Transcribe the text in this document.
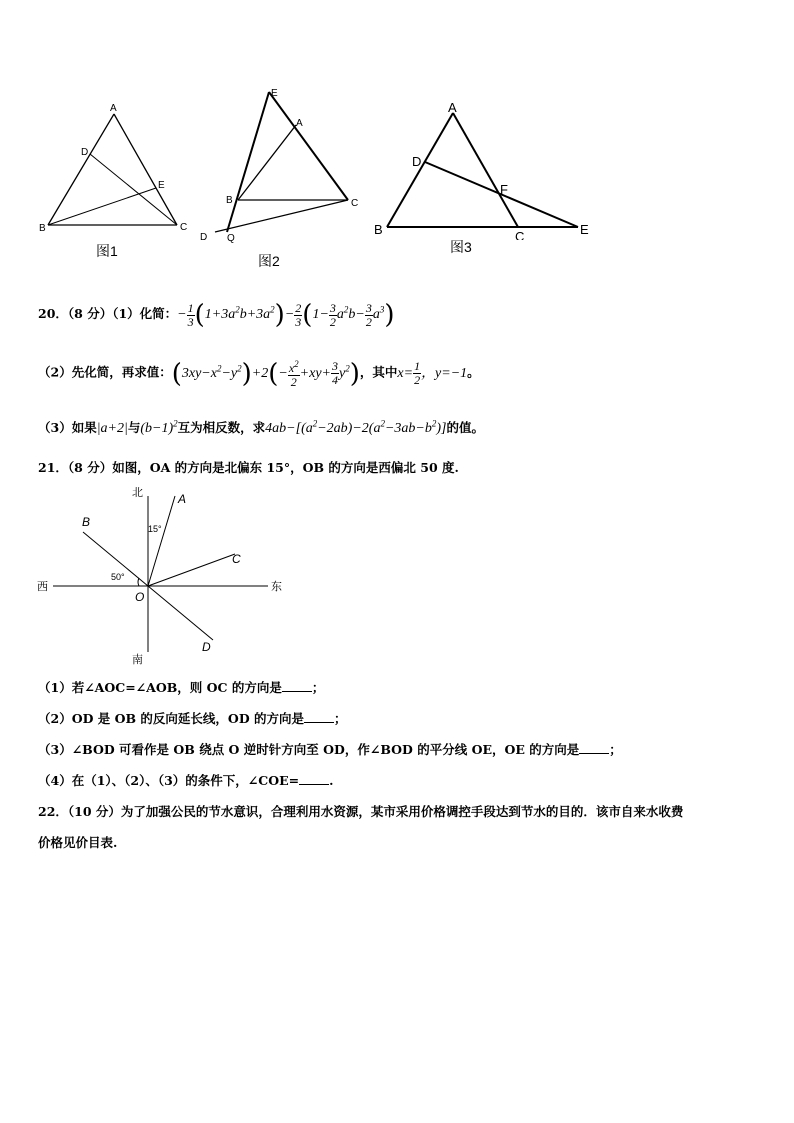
A
D
E
B	C
图1
E
A
B	C
D Q
图2
A
D
F
B	C	E
图3
20．（8 分）（1）化简：− $\frac{1}{3} (1+3a^2b+3a^2)- \frac{2}{3} (1- \frac{3}{2} a^2b- \frac{3}{2} a^3)$
（2）先化简，再求值：$(3xy-x^2-y^2)+2(- \frac{x^2}{2} +xy+ \frac{3}{4} y^2)$，其中$x= \frac{1}{2}$ ，y=−1。
（3）如果|a+2|与$(b-1)^2$互为相反数，求$4ab-[(a^2-2ab)-2(a^2-3ab-b^2)]$的值。
21．（8 分）如图，OA 的方向是北偏东 15°，OB 的方向是西偏北 50 度.
北
南
西	东
A
B
C
D
O
15°
50°
（1）若∠AOC=∠AOB，则 OC 的方向是 ；
（2）OD 是 OB 的反向延长线，OD 的方向是 ；
（3）∠BOD 可看作是 OB 绕点 O 逆时针方向至 OD，作∠BOD 的平分线 OE，OE 的方向是 ；
（4）在（1）、（2）、（3）的条件下，∠COE= .
22．（10 分）为了加强公民的节水意识，合理利用水资源，某市采用价格调控手段达到节水的目的．该市自来水收费
价格见价目表.
